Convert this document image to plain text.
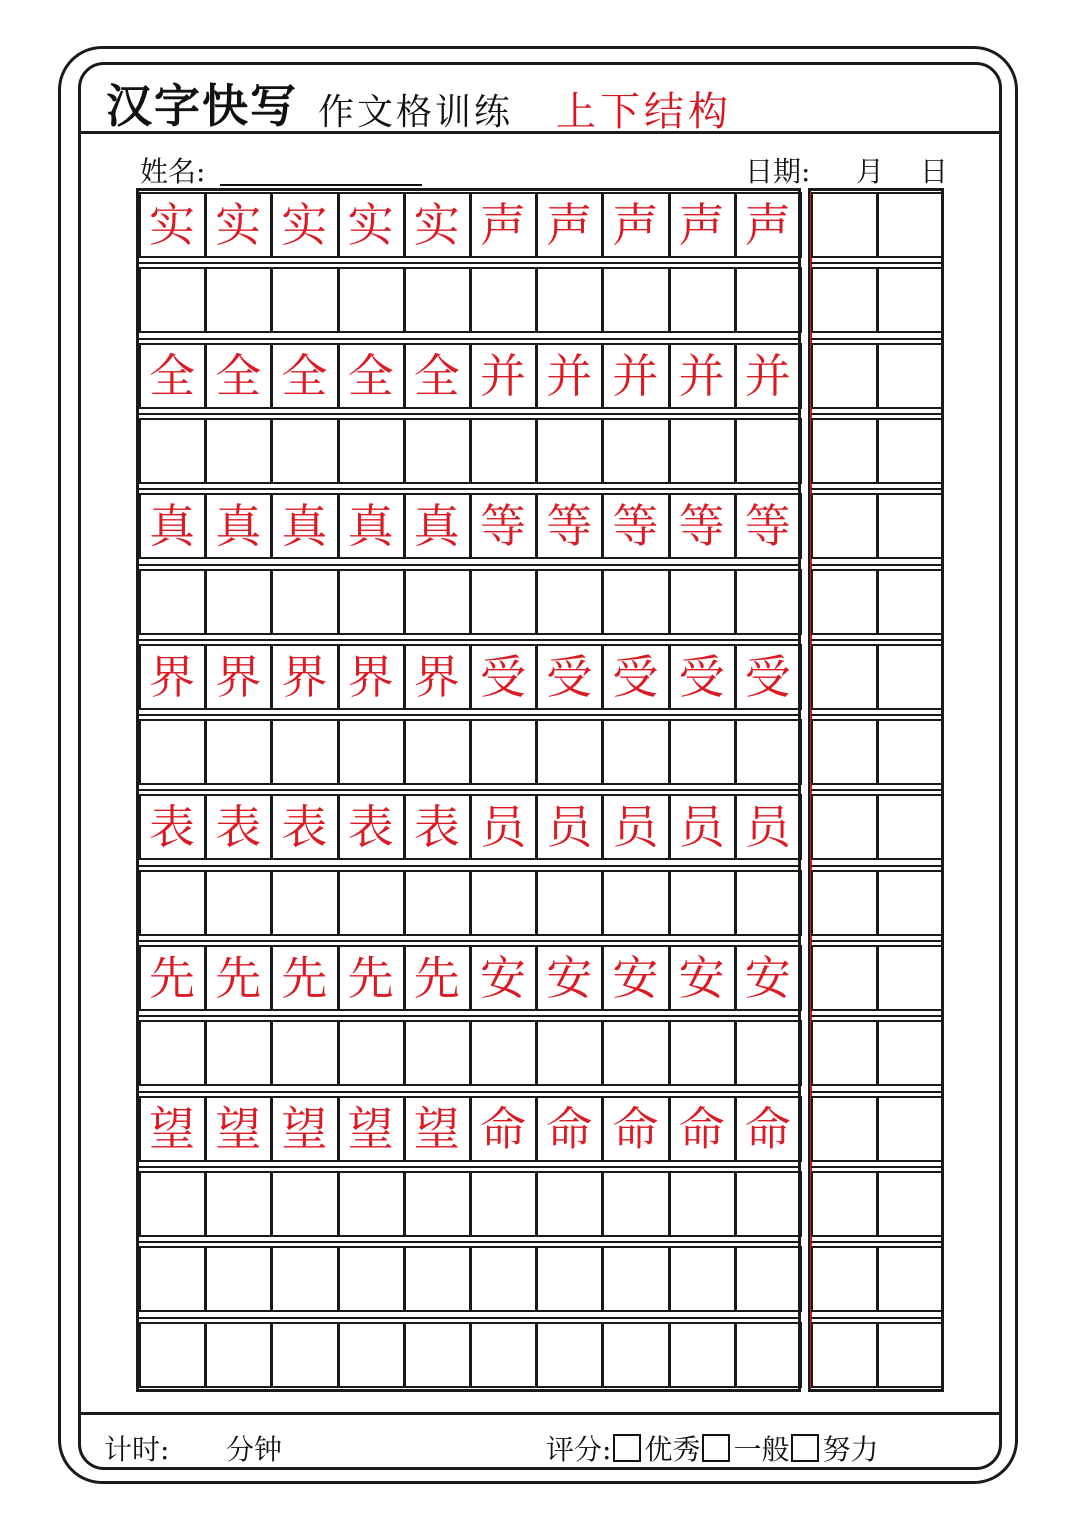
汉字快写 作文格训练 上下结构
姓名:	日期: 月 日
实 实 实 实 实 声 声 声 声 声
全 全 全 全 全 并 并 并 并 并
真 真 真 真 真 等 等 等 等 等
界 界 界 界 界 受 受 受 受 受
表 表 表 表 表 员 员 员 员 员
先 先 先 先 先 安 安 安 安 安
望 望 望 望 望 命 命 命 命 命
计时: 分钟	评分: 优秀 一般 努力
